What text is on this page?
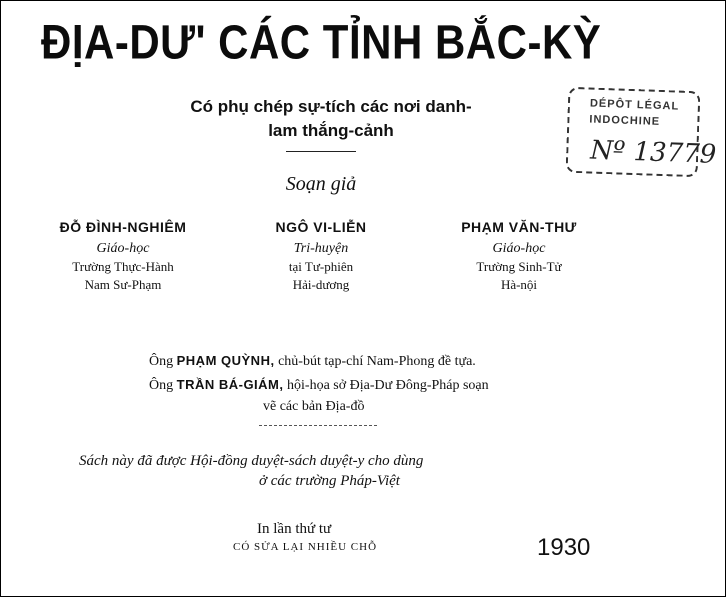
ĐỊA-DƯ' CÁC TỈNH BẮC-KỲ
Có phụ chép sự-tích các nơi danh-
lam thắng-cảnh
Soạn giả
ĐỖ ĐÌNH-NGHIÊM
Giáo-học
Trường Thực-Hành
Nam Sư-Phạm
NGÔ VI-LIỄN
Tri-huyện
tại Tư-phiên
Hải-dương
PHẠM VĂN-THƯ
Giáo-học
Trường Sinh-Tử
Hà-nội
Ông PHẠM QUỲNH, chủ-bút tạp-chí Nam-Phong đề tựa.
Ông TRẦN BÁ-GIÁM, hội-họa sở Địa-Dư Đông-Pháp soạn
vẽ các bản Địa-đồ
Sách này đã được Hội-đồng duyệt-sách duyệt-y cho dùng
ở các trường Pháp-Việt
In lần thứ tư
CÓ SỬA LẠI NHIỀU CHỖ	1930
DÉPÔT LÉGAL
INDOCHINE
Nº 13779
